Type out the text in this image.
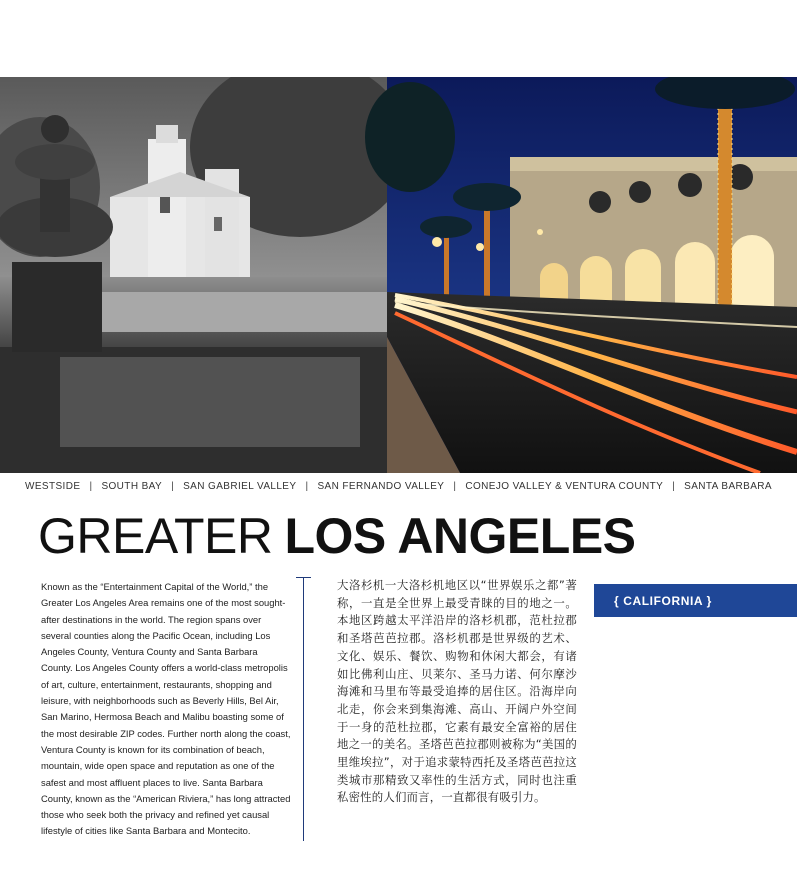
WESTSIDE | SOUTH BAY | SAN GABRIEL VALLEY | SAN FERNANDO VALLEY | CONEJO VALLEY & VENTURA COUNTY | SANTA BARBARA
GREATER LOS ANGELES
Known as the “Entertainment Capital of the World,” the Greater Los Angeles Area remains one of the most sought-after destinations in the world. The region spans over several counties along the Pacific Ocean, including Los Angeles County, Ventura County and Santa Barbara County. Los Angeles County offers a world-class metropolis of art, culture, entertainment, restaurants, shopping and leisure, with neighborhoods such as Beverly Hills, Bel Air, San Marino, Hermosa Beach and Malibu boasting some of the most desirable ZIP codes. Further north along the coast, Ventura County is known for its combination of beach, mountain, wide open space and reputation as one of the safest and most affluent places to live. Santa Barbara County, known as the “American Riviera,” has long attracted those who seek both the privacy and refined yet causal lifestyle of cities like Santa Barbara and Montecito.
大洛杉机一大洛杉机地区以“世界娱乐之都”著称，一直是全世界上最受青睐的目的地之一。本地区跨越太平洋沿岸的洛杉机郡，范杜拉郡和圣塔芭芭拉郡。洛杉机郡是世界级的艺术、文化、娱乐、餐饮、购物和休闲大都会，有诸如比佛利山庄、贝莱尔、圣马力诺、何尔摩沙海滩和马里布等最受追捧的居住区。沿海岸向北走，你会来到集海滩、高山、开阔户外空间于一身的范杜拉郡，它素有最安全富裕的居住地之一的美名。圣塔芭芭拉郡则被称为“美国的里维埃拉”，对于追求蒙特西托及圣塔芭芭拉这类城市那精致又率性的生活方式，同时也注重私密性的人们而言，一直都很有吸引力。
{ CALIFORNIA }
